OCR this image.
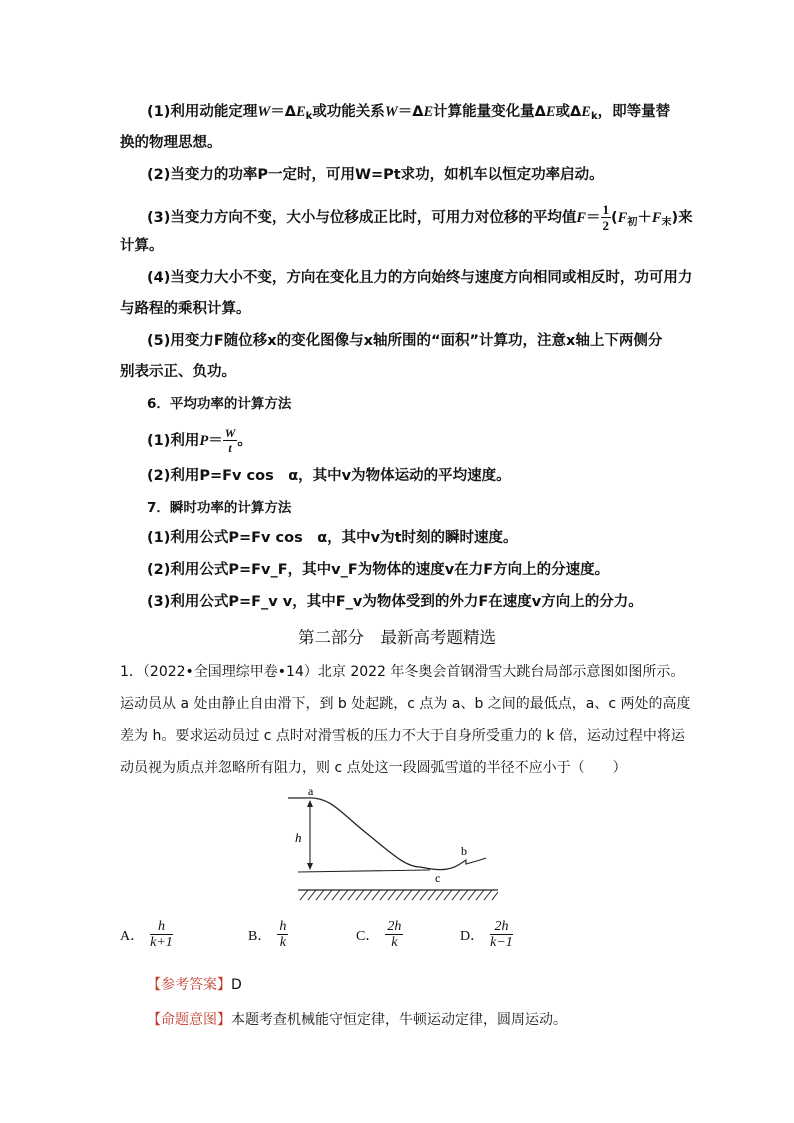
(1)利用动能定理$W=\Delta E_k$或功能关系W＝ΔE计算能量变化量ΔE或$\Delta E_k$，即等量替
换的物理思想。
(2)当变力的功率P一定时，可用W=Pt求功，如机车以恒定功率启动。
(3)当变力方向不变，大小与位移成正比时，可用力对位移的平均值$F= \frac{1}{2} (F_初+F_末)$来
计算。
(4)当变力大小不变，方向在变化且力的方向始终与速度方向相同或相反时，功可用力
与路程的乘积计算。
(5)用变力F随位移x的变化图像与x轴所围的“面积”计算功，注意x轴上下两侧分
别表示正、负功。
6．平均功率的计算方法
(1)利用$P= \frac{W}{t}$ 。
(2)利用P=Fv cos　α，其中v为物体运动的平均速度。
7．瞬时功率的计算方法
(1)利用公式P=Fv cos　α，其中v为t时刻的瞬时速度。
(2)利用公式P=Fv_F，其中v_F为物体的速度v在力F方向上的分速度。
(3)利用公式P=F_v v，其中F_v为物体受到的外力F在速度v方向上的分力。
第二部分　最新高考题精选
1．（2022•全国理综甲卷•14）北京 2022 年冬奥会首钢滑雪大跳台局部示意图如图所示。
运动员从 a 处由静止自由滑下，到 b 处起跳，c 点为 a、b 之间的最低点，a、c 两处的高度
差为 h。要求运动员过 c 点时对滑雪板的压力不大于自身所受重力的 k 倍，运动过程中将运
动员视为质点并忽略所有阻力，则 c 点处这一段圆弧雪道的半径不应小于（　　）
a
h
b
c
A． $\frac{h}{k+1}$	B． $\frac{h}{k}$	C． $\frac{2h}{k}$	D． $\frac{2h}{k-1}$
【参考答案】D
【命题意图】本题考查机械能守恒定律，牛顿运动定律，圆周运动。
